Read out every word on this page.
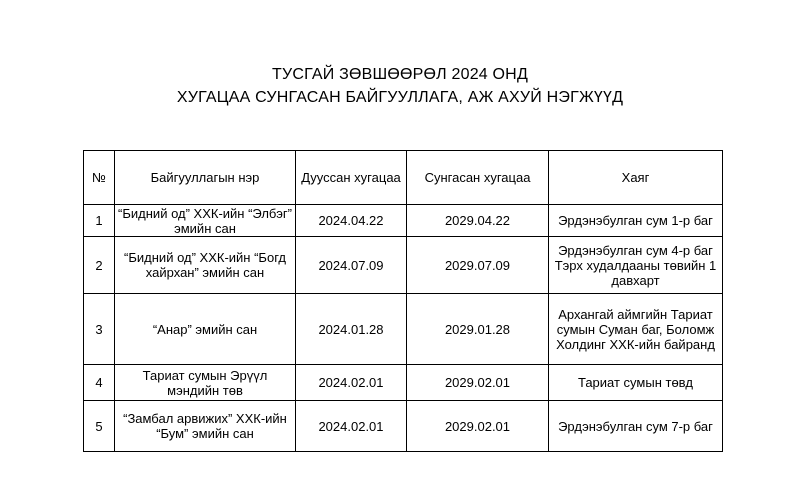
ТУСГАЙ ЗӨВШӨӨРӨЛ 2024 ОНД
ХУГАЦАА СУНГАСАН БАЙГУУЛЛАГА, АЖ АХУЙ НЭГЖҮҮД
№	Байгууллагын нэр	Дууссан хугацаа	Сунгасан хугацаа	Хаяг
1	“Бидний од” ХХК-ийн “Элбэг” эмийн сан	2024.04.22	2029.04.22	Эрдэнэбулган сум 1-р баг
2	“Бидний од” ХХК-ийн “Богд хайрхан” эмийн сан	2024.07.09	2029.07.09	Эрдэнэбулган сум 4-р баг Тэрх худалдааны төвийн 1 давхарт
3	“Анар” эмийн сан	2024.01.28	2029.01.28	Архангай аймгийн Тариат сумын Суман баг, Боломж Холдинг ХХК-ийн байранд
4	Тариат сумын Эрүүл мэндийн төв	2024.02.01	2029.02.01	Тариат сумын төвд
5	“Замбал арвижих” ХХК-ийн “Бум” эмийн сан	2024.02.01	2029.02.01	Эрдэнэбулган сум 7-р баг
